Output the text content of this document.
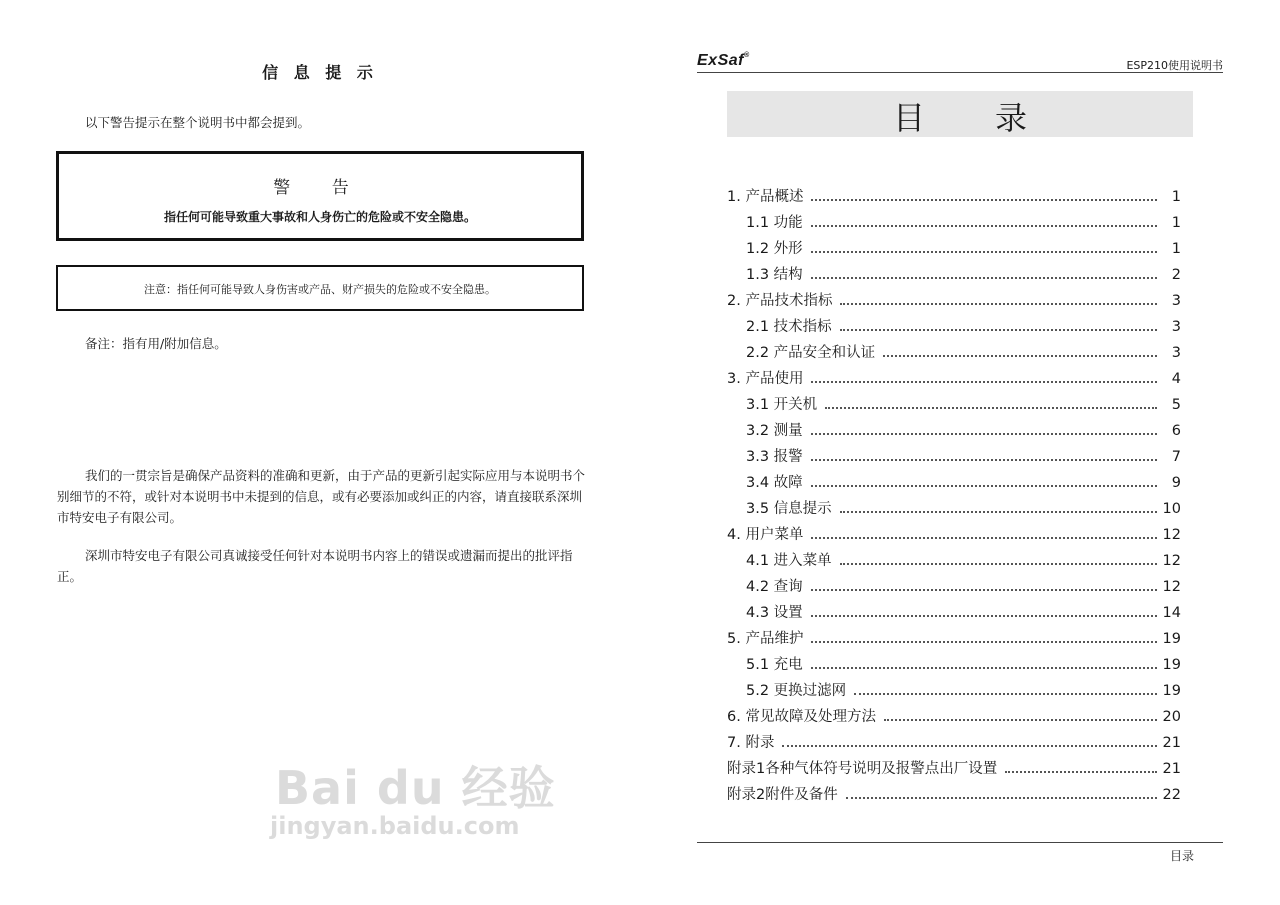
信 息 提 示
以下警告提示在整个说明书中都会提到。
警 告
指任何可能导致重大事故和人身伤亡的危险或不安全隐患。
注意：指任何可能导致人身伤害或产品、财产损失的危险或不安全隐患。
备注：指有用/附加信息。
我们的一贯宗旨是确保产品资料的准确和更新，由于产品的更新引起实际应用与本说明书个别细节的不符，或针对本说明书中未提到的信息，或有必要添加或纠正的内容，请直接联系深圳市特安电子有限公司。
深圳市特安电子有限公司真诚接受任何针对本说明书内容上的错误或遗漏而提出的批评指正。
ExSaf®
ESP210使用说明书
目录
1. 产品概述	1
1.1 功能	1
1.2 外形	1
1.3 结构	2
2. 产品技术指标	3
2.1 技术指标	3
2.2 产品安全和认证	3
3. 产品使用	4
3.1 开关机	5
3.2 测量	6
3.3 报警	7
3.4 故障	9
3.5 信息提示	10
4. 用户菜单	12
4.1 进入菜单	12
4.2 查询	12
4.3 设置	14
5. 产品维护	19
5.1 充电	19
5.2 更换过滤网	19
6. 常见故障及处理方法	20
7. 附录	21
附录1各种气体符号说明及报警点出厂设置	21
附录2附件及备件	22
目录
Bai du 经验
jingyan.baidu.com
